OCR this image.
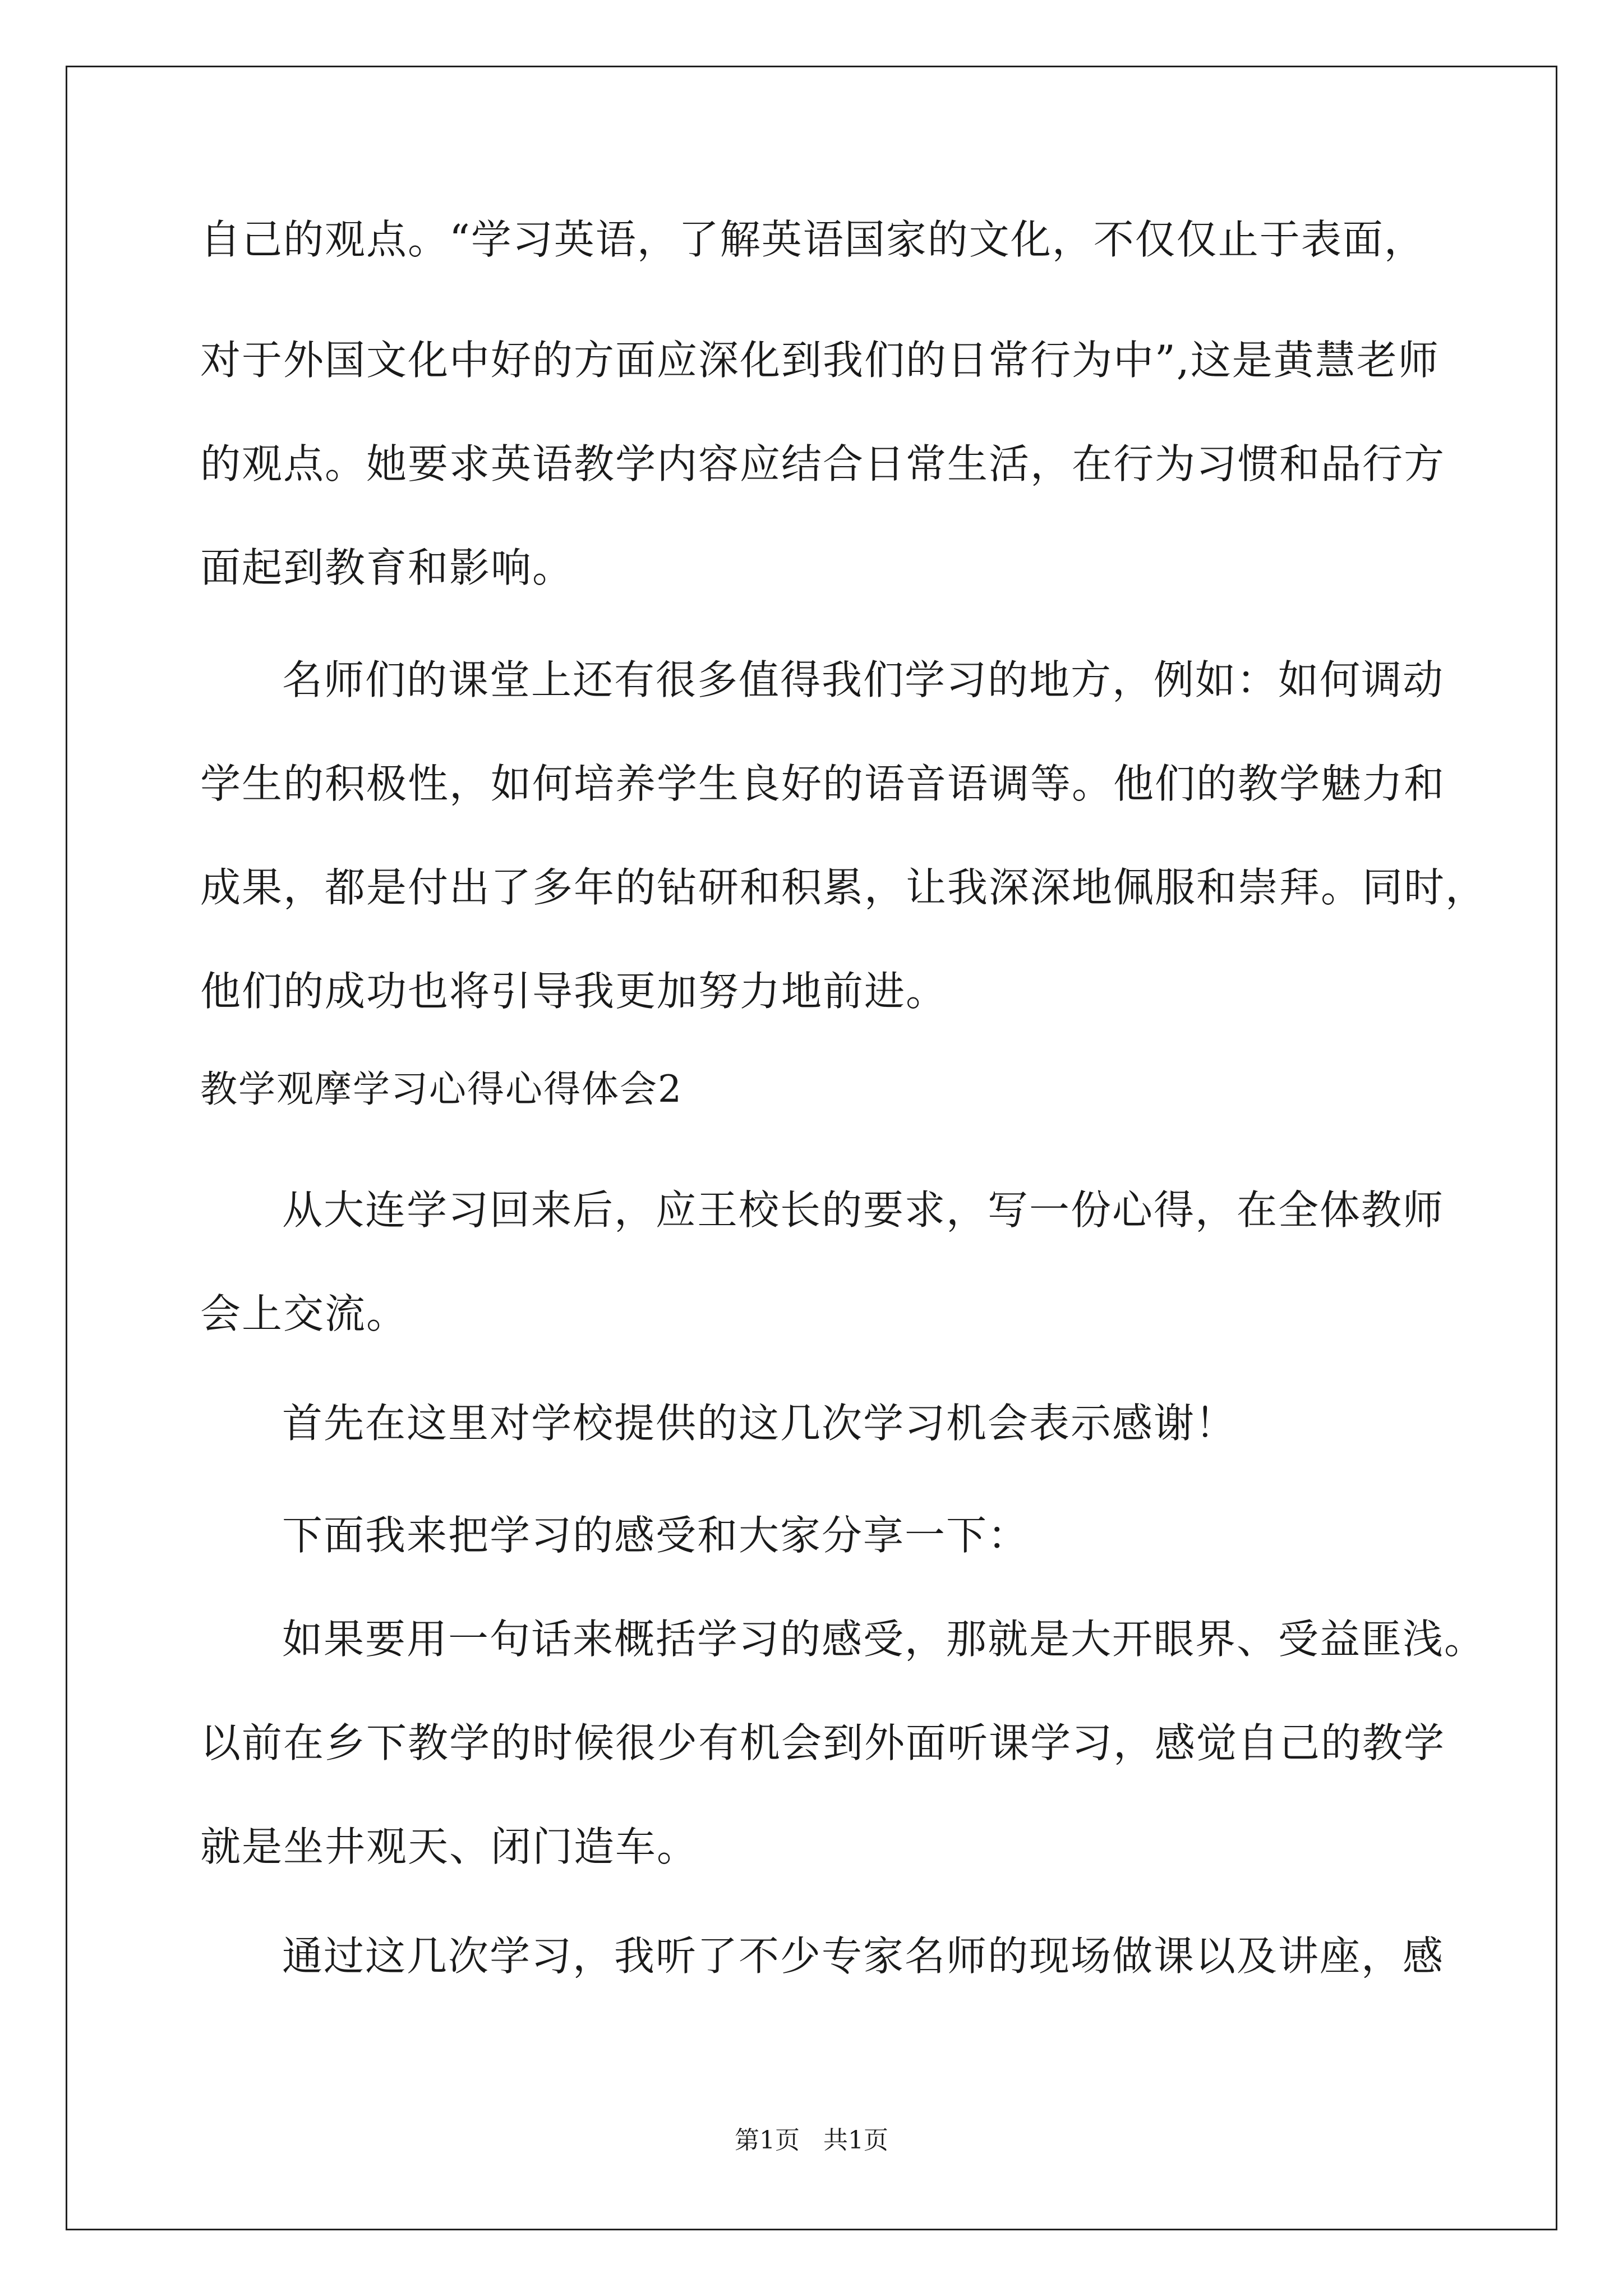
自己的观点。“学习英语，了解英语国家的文化，不仅仅止于表面，
对于外国文化中好的方面应深化到我们的日常行为中”,这是黄慧老师
的观点。她要求英语教学内容应结合日常生活，在行为习惯和品行方
面起到教育和影响。
名师们的课堂上还有很多值得我们学习的地方，例如：如何调动
学生的积极性，如何培养学生良好的语音语调等。他们的教学魅力和
成果，都是付出了多年的钻研和积累，让我深深地佩服和崇拜。同时，
他们的成功也将引导我更加努力地前进。
教学观摩学习心得心得体会2
从大连学习回来后，应王校长的要求，写一份心得，在全体教师
会上交流。
首先在这里对学校提供的这几次学习机会表示感谢！
下面我来把学习的感受和大家分享一下：
如果要用一句话来概括学习的感受，那就是大开眼界、受益匪浅。
以前在乡下教学的时候很少有机会到外面听课学习，感觉自己的教学
就是坐井观天、闭门造车。
通过这几次学习，我听了不少专家名师的现场做课以及讲座，感
第1页   共1页
